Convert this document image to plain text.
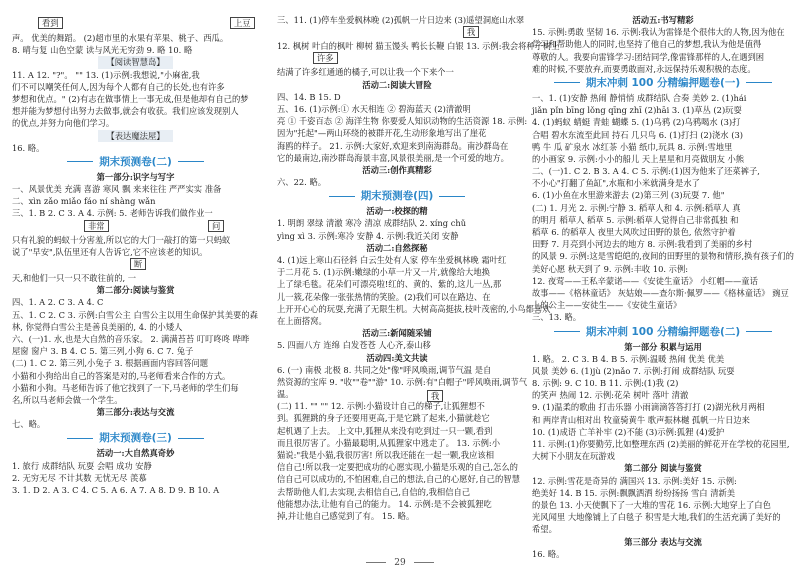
看到	上豆
声。 优美的舞蹈。 (2)超市里的水果有苹果、桃子、西瓜。
8. 晴与复 山色空蒙 读与风光无穷劲 9. 略 10. 略
【阅读智慧岛】
11. A 12. "?"。 "" 13. (1)示例:我想说,"小麻雀,我
们不可以嘲笑任何人,因为每个人都有自己的长处,也有许多
梦想和优点。" (2)有志在做事情上一事无成,但是他却有自己的梦
想并能为梦想付出努力去做事,就会有收获。我们应该发现别人
的优点,并努力向他们学习。
【表达魔法屋】
16. 略。
期末预测卷(二)
第一部分:识字与写字
一、风景优美 充满 喜游 寒风 飘 来来往往 严严实实 准备
二、xìn zǎo miǎo fáo ní shàng wǎn
三、1. B 2. C 3. A 4. 示例: 5. 老师告诉我们做作业一
非常	问
只有礼貌的蚂蚁十分害羞,所以它的大门一敲打的第一只蚂蚁
说了"早安",队伍里还有人告诉它,它不应该老的知识。
断
天,和他们一只一只不敢往前的, 一
第二部分:阅读与鉴赏
四、1. A 2. C 3. A 4. C
五、1. C 2. C 3. 示例:白雪公主 白雪公主以用生命保护其美要的森
林, 你觉得白雪公主是善良美丽的, 4. 的小矮人
六、(一)1. 水,也是大自然的音乐家。 2. 满满苔苔 叮叮咚咚 哗哗
屋窗 窗户 3. B 4. C 5. 第三列,小狗 6. C 7. 兔子
(二) 1. C 2. 第三列,小兔子 3. 根据画面内容回答问题
小猫和小狗给出自己的答案是对的,马老师看来合作的方式。
小猫和小狗。马老师告诉了他它找到了一下,马老师的学生们每
名,所以马老师会做一个学生。
第三部分:表达与交流
七、略。
期末预测卷(三)
活动一:大自然真奇妙
1. 旅行 成群结队 玩耍 会唱 成功 安静
2. 无穷无尽 不计其数 无忧无尽 羡慕
3. 1. D 2. A 3. C 4. C 5. A 6. A 7. A 8. D 9. B 10. A
三、11. (1)停车坐爱枫林晚 (2)孤帆一片日边来 (3)遥望洞庭山水翠
我
12. 枫树 叶白的枫叶 柳树 猫玉馒头 鸭长长鞭 白银 13. 示例:我会将种子树上
许多
结满了许多红通通的橘子,可以让我一个下来个一
活动二:阅读大冒险
四、14. B 15. D
五、16. (1)示例:① 水天相连 ② 碧海蓝天 (2)清澈明
亮 ① 千姿百态 ② 海洋生物 你要爱人知识动物的生活资源 18. 示例:
因为"托起"—两山环绕的被群开花,生动形象地写出了崖花
海鸥的样子。 21. 示例:大家好,欢迎来到南海群岛。南沙群岛在
它的最南边,南沙群岛海景丰富,风景很美丽,是一个可爱的地方。
活动三:创作真精彩
六、22. 略。
期末预测卷(四)
活动一:校探的精
1. 明朗 翠绿 清澈 寒冷 清凉 成群结队 2. xíng chǔ
yìng xì 3. 示例:寒冷 安静 4. 示例:我近关闭 安静
活动二:自然探秘
4. (1)远上寒山石径斜 白云生处有人家 停车坐爱枫林晚 霜叶红
于二月花 5. (1)示例:嫩绿的小草一片又一片,就像给大地换
上了绿毛毯。花朵们可漂亮啦!红的、黄的、紫的,这儿一丛,那
儿一簇,花朵像一张张热情的笑脸。(2)我们可以在路边、在
上开开心心的玩耍,充满了无限生机。大树高高挺拔,枝叶茂密的,小鸟都喜欢
在上面搭窝。
活动三:新闻随采铺
5. 四面八方 连绵 白发苍苍 人心齐,泰山移
活动四:美文共读
6. (一) 南极 北极 8. 共同之处"像"呼风唤雨,调节气温 是自
然资源的宝库 9. "收""卷""游" 10. 示例:有"白帽子"呼风唤雨,调节气
温。
(二) 11. "" "" 12. 示例:小猫设计自己的梯子,让狐狸想不
到。狐狸跳的身子还要用更高,于是它跳了起来,小猫就趁它
起机遇了上去。 上文中,狐狸从来没有吃到过一只一颗,看到
而且很厉害了。小猫最聪明,从狐狸家中逃走了。 13. 示例:小
猫说:"我是小猫,我很厉害! 所以我还能在一起一颗,我应该相
信自己!所以我一定要把成功的心愿实现,小猫是乐观的自己,怎么的
信自己可以成功的,不怕困难,自己的想法,自己的心愿好,自己的智慧
去帮助他人们,去实现,去相信自己,自信的,我相信自己
他能想办法,让他有自己的能力。 14. 示例:是不会被狐狸吃
掉,并让他自己感觉到了有。 15. 略。
我
活动五:书写精彩
15. 示例:勇敢 坚韧 16. 示例:我认为雷锋是个很伟大的人物,因为他在
学习和帮助他人的同时,也坚持了他自己的梦想,我认为他是值得
尊敬的人。我要向雷锋学习:团结同学,像雷锋那样的人,在遇到困
难的时候,不要放弃,而要勇敢面对,永远保持乐观积极的态度。
期末冲刺 100 分精编押题卷(一)
一、1. (1)安静 热闹 静悄悄 成群结队 合奏 美妙 2. (1)hái
jiǎn pǐn bīng lǒng qīng zhī (2)hāi 3. (1)草丛 (2)玩耍
4. (1)蚂蚁 蜻蜓 青蛙 蝴蝶 5. (1)乌鸦 (2)乌鸦喝水 (3)打
合唱 碧水东流至此回 持石 几只鸟 6. (1)打扫 (2)浇水 (3)
鸭 牛 瓜 矿泉水 冰红茶 小猫 纸巾,玩具 8. 示例:雪地里
的小画家 9. 示例:小小的船儿 天上星星和月亮做朋友 小熊
二、(一)1. C 2. B 3. A 4. C 5. 示例:(1)因为他来了还菜裤子,
不小心"打翻了鱼缸",水瓶和小米就满身是水了
6. (1)小鱼在水里游来游去 (2)第三列 (3)玩耍 7. 他"
(二) 1. 月光 2. 示例:宁静 3. 稻草人和 4. 示例:稻草人 真
的明月 稻草人 稻草 5. 示例:稻草人觉得自己非常孤独 和
稻草 6. 的稻草人 夜里大风吹过田野的景色, 依然守护着
田野 7. 月亮到小河边去的地方 8. 示例:我看到了美丽的乡村
的风景 9. 示例:这是雪皑皑的,夜间的田野里的景物和情形,换有孩子们的
美好心愿 秋天到了 9. 示例:丰收 10. 示例:
12. 夜莺——王私辛蒙诺——《安徒生童话》 小红帽——童话
故事——《格林童话》 灰姑娘——查尔斯·佩罗——《格林童话》 豌豆
上的公主——安徒生——《安徒生童话》
三、13. 略。
期末冲刺 100 分精编押题卷(二)
第一部分 积累与运用
1. 略。 2. C 3. B 4. B 5. 示例:温暖 热闹 优美 优美
风景 美妙 6. (1)jù (2)nǎo 7. 示例:打闹 成群结队 玩耍
8. 示例: 9. C 10. B 11. 示例:(1)我 (2)
的笑声 热闹 12. 示例:花朵 树叶 落叶 清澈
9. (1)温柔的歌曲 打击乐器 小雨滴滴答答打打 (2)湖光秋月两相
和 两岸青山相对出 牧童骑黄牛 歌声振林樾 孤帆一片日边来
10. (1)成语 亡羊补牢 (2)不能 (3)示例:狐狸 (4)爱护
11. 示例:(1)你要勤劳,比如整理东西 (2)美丽的鲜花开在学校的花园里,
大树下小朋友在玩游戏
第二部分 阅读与鉴赏
12. 示例:雪花是奇异的 满国兴 13. 示例:美好 15. 示例:
绝美好 14. B 15. 示例:飘飘洒洒 纷纷扬扬 雪白 清新美
的景色 13. 小天使飘下了一大堆的雪花 16. 示例:大地穿上了白色
光风闻里 大地像铺上了白毯子 积雪是大地,我们的生活充满了美好的
希望。
第三部分 表达与交流
16. 略。
29
